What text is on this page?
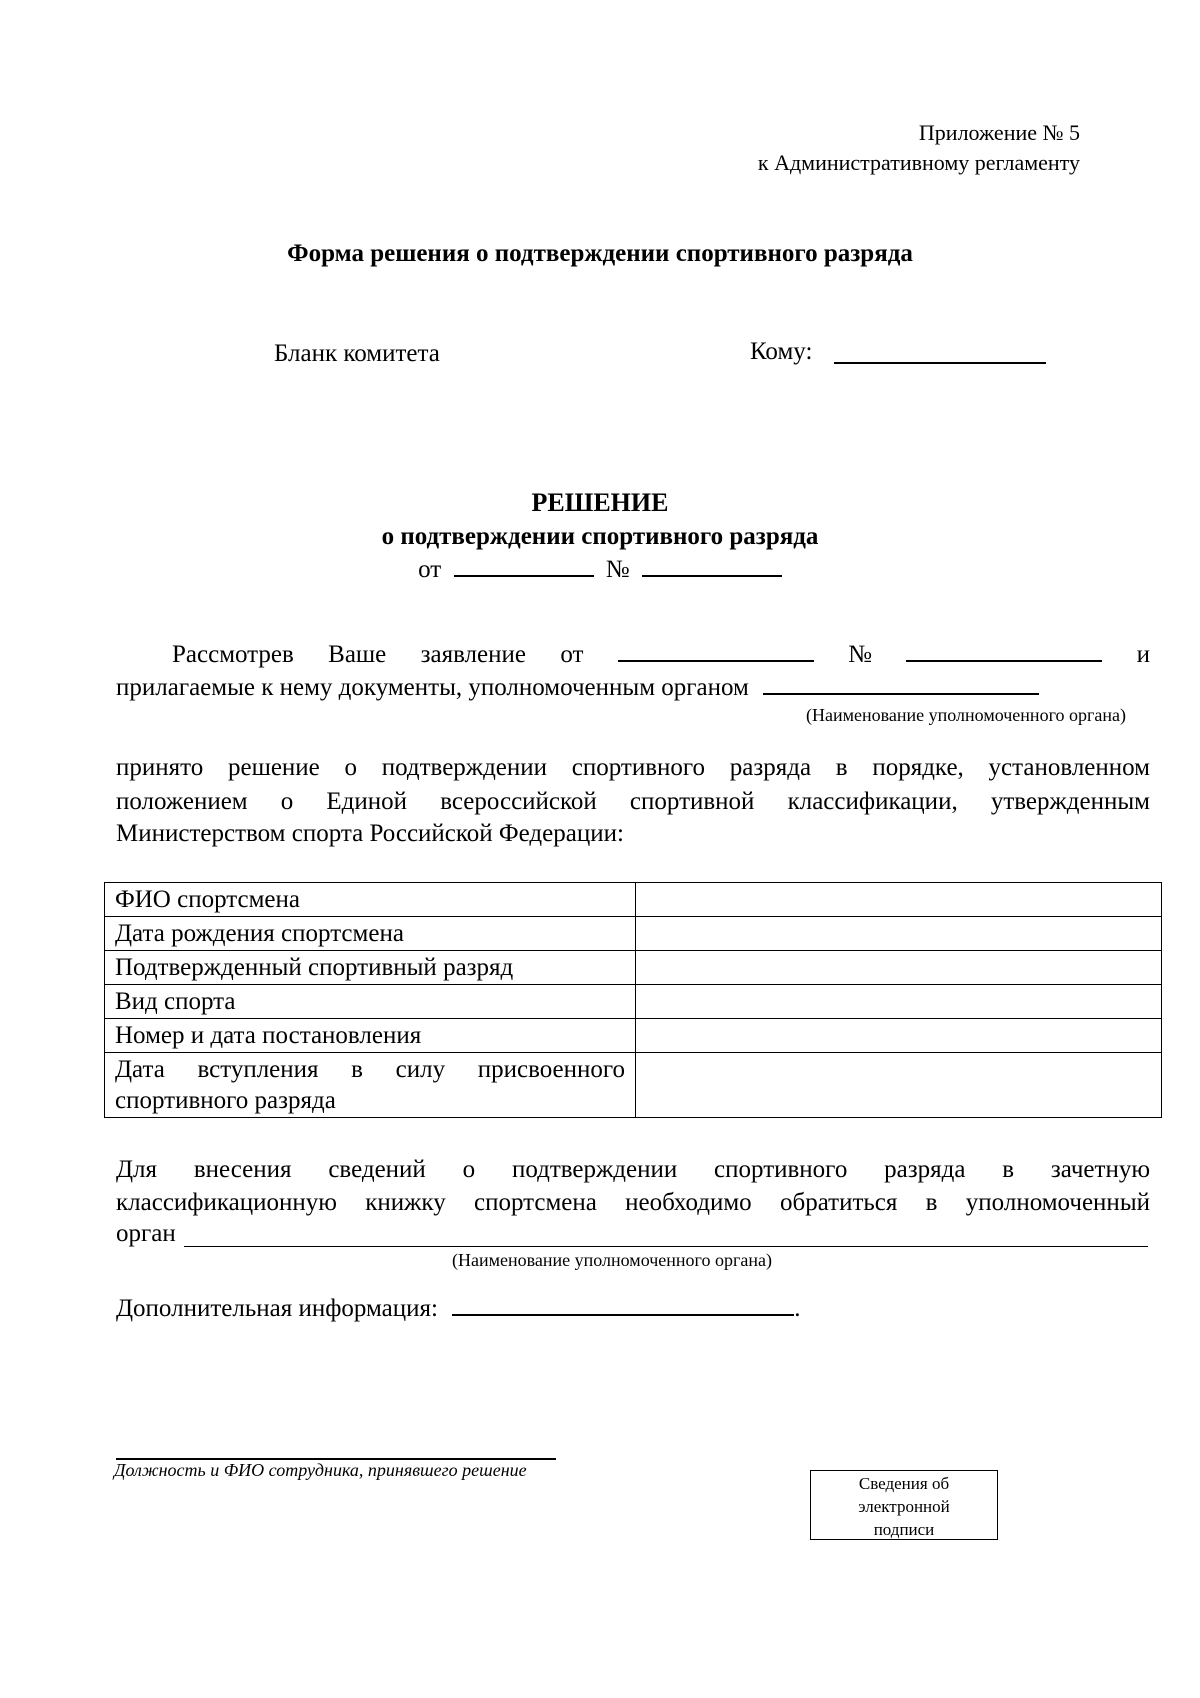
Приложение № 5
к Административному регламенту
Форма решения о подтверждении спортивного разряда
Бланк комитета	Кому:
РЕШЕНИЕ
о подтверждении спортивного разряда
от	№
Рассмотрев Ваше заявление от	№	и
прилагаемые к нему документы, уполномоченным органом
(Наименование уполномоченного органа)
принято решение о подтверждении спортивного разряда в порядке, установленном
положением о Единой всероссийской спортивной классификации, утвержденным
Министерством спорта Российской Федерации:
ФИО спортсмена	
Дата рождения спортсмена	
Подтвержденный спортивный разряд	
Вид спорта	
Номер и дата постановления	
Дата вступления в силу присвоенного спортивного разряда	
Для внесения сведений о подтверждении спортивного разряда в зачетную
классификационную книжку спортсмена необходимо обратиться в уполномоченный
орган
(Наименование уполномоченного органа)
Дополнительная информация:	.
Должность и ФИО сотрудника, принявшего решение
Сведения об
электронной
подписи
